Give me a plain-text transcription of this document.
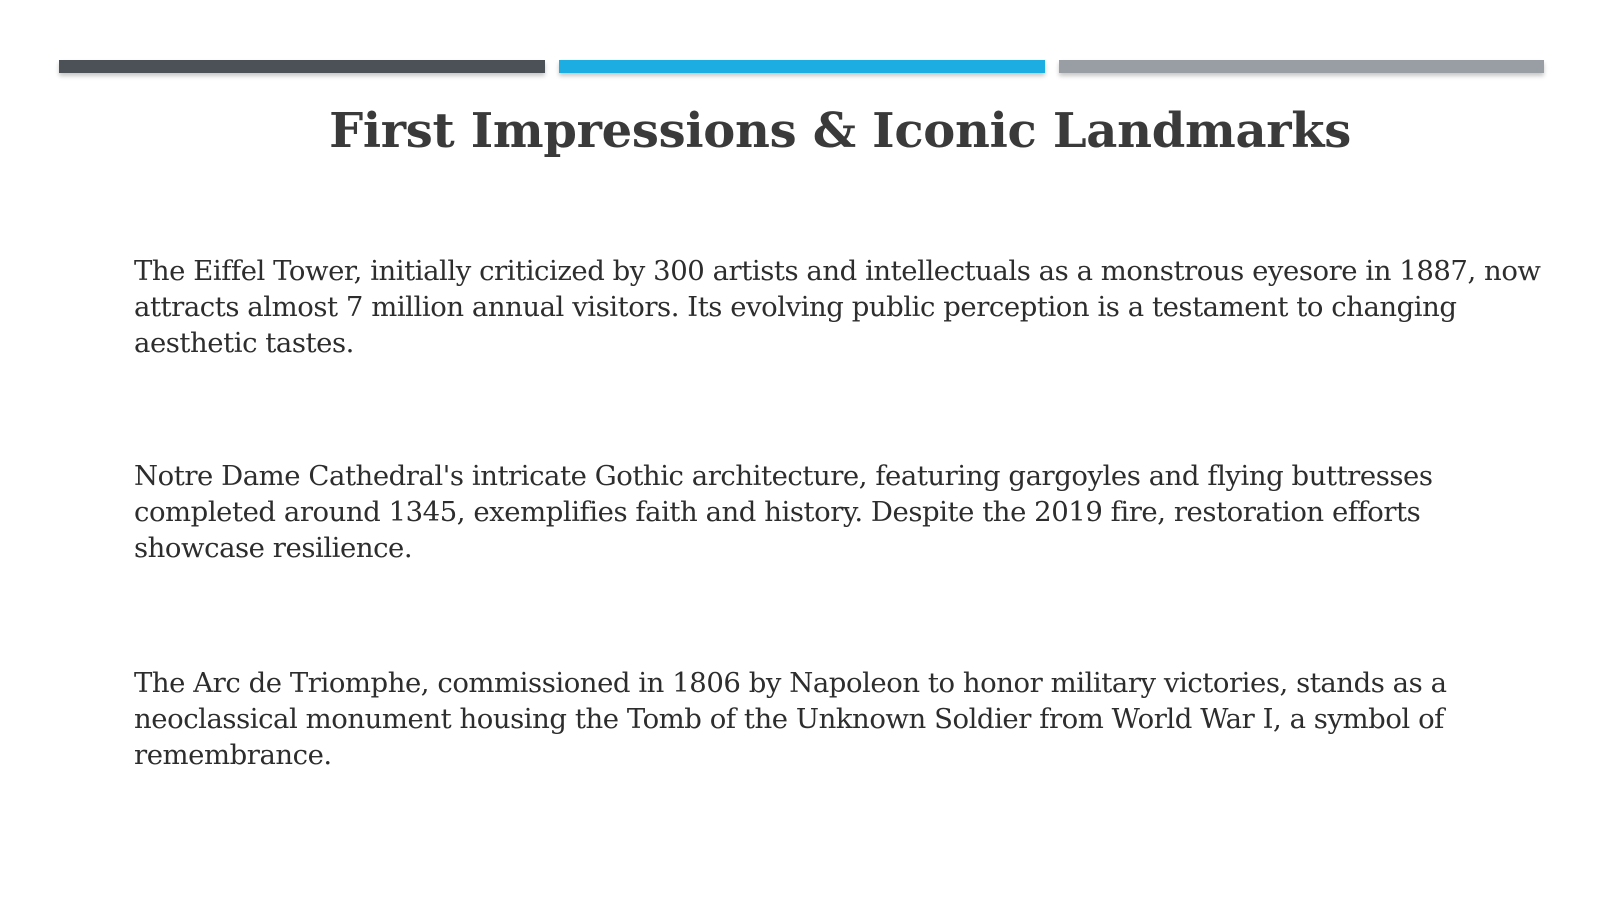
First Impressions & Iconic Landmarks

The Eiffel Tower, initially criticized by 300 artists and intellectuals as a monstrous eyesore in 1887, now attracts almost 7 million annual visitors. Its evolving public perception is a testament to changing aesthetic tastes.

Notre Dame Cathedral's intricate Gothic architecture, featuring gargoyles and flying buttresses completed around 1345, exemplifies faith and history. Despite the 2019 fire, restoration efforts showcase resilience.

The Arc de Triomphe, commissioned in 1806 by Napoleon to honor military victories, stands as a neoclassical monument housing the Tomb of the Unknown Soldier from World War I, a symbol of remembrance.
